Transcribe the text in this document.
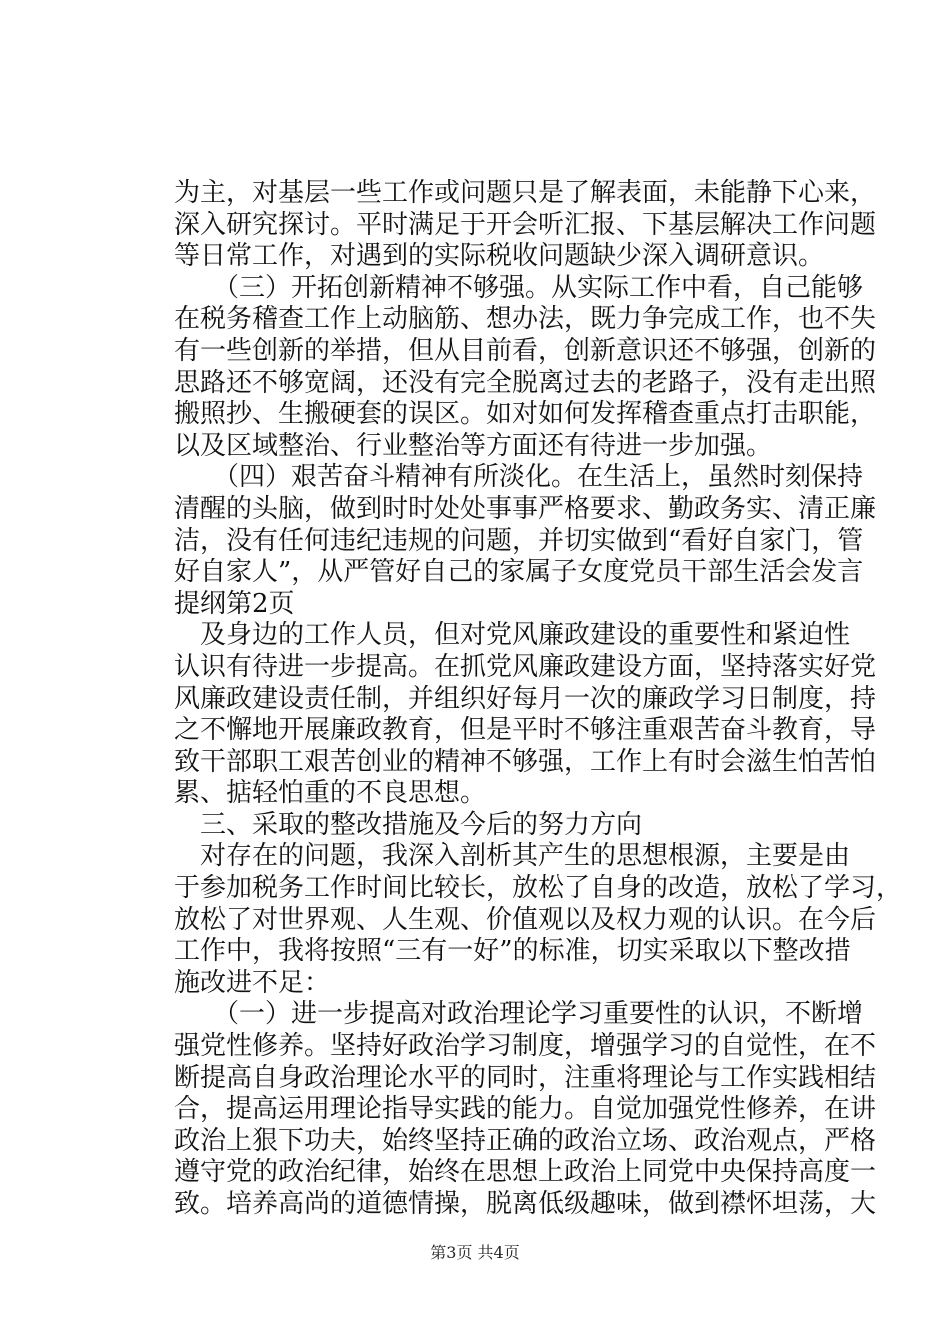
为主，对基层一些工作或问题只是了解表面，未能静下心来，
深入研究探讨。平时满足于开会听汇报、下基层解决工作问题
等日常工作，对遇到的实际税收问题缺少深入调研意识。
　　（三）开拓创新精神不够强。从实际工作中看，自己能够
在税务稽查工作上动脑筋、想办法，既力争完成工作，也不失
有一些创新的举措，但从目前看，创新意识还不够强，创新的
思路还不够宽阔，还没有完全脱离过去的老路子，没有走出照
搬照抄、生搬硬套的误区。如对如何发挥稽查重点打击职能，
以及区域整治、行业整治等方面还有待进一步加强。
　　（四）艰苦奋斗精神有所淡化。在生活上，虽然时刻保持
清醒的头脑，做到时时处处事事严格要求、勤政务实、清正廉
洁，没有任何违纪违规的问题，并切实做到“看好自家门，管
好自家人”，从严管好自己的家属子女度党员干部生活会发言
提纲第2页
　及身边的工作人员，但对党风廉政建设的重要性和紧迫性
认识有待进一步提高。在抓党风廉政建设方面，坚持落实好党
风廉政建设责任制，并组织好每月一次的廉政学习日制度，持
之不懈地开展廉政教育，但是平时不够注重艰苦奋斗教育，导
致干部职工艰苦创业的精神不够强，工作上有时会滋生怕苦怕
累、掂轻怕重的不良思想。
　三、采取的整改措施及今后的努力方向
　对存在的问题，我深入剖析其产生的思想根源，主要是由
于参加税务工作时间比较长，放松了自身的改造，放松了学习，
放松了对世界观、人生观、价值观以及权力观的认识。在今后
工作中，我将按照“三有一好”的标准，切实采取以下整改措
施改进不足：
　　（一）进一步提高对政治理论学习重要性的认识，不断增
强党性修养。坚持好政治学习制度，增强学习的自觉性，在不
断提高自身政治理论水平的同时，注重将理论与工作实践相结
合，提高运用理论指导实践的能力。自觉加强党性修养，在讲
政治上狠下功夫，始终坚持正确的政治立场、政治观点，严格
遵守党的政治纪律，始终在思想上政治上同党中央保持高度一
致。培养高尚的道德情操，脱离低级趣味，做到襟怀坦荡，大
第3页 共4页
